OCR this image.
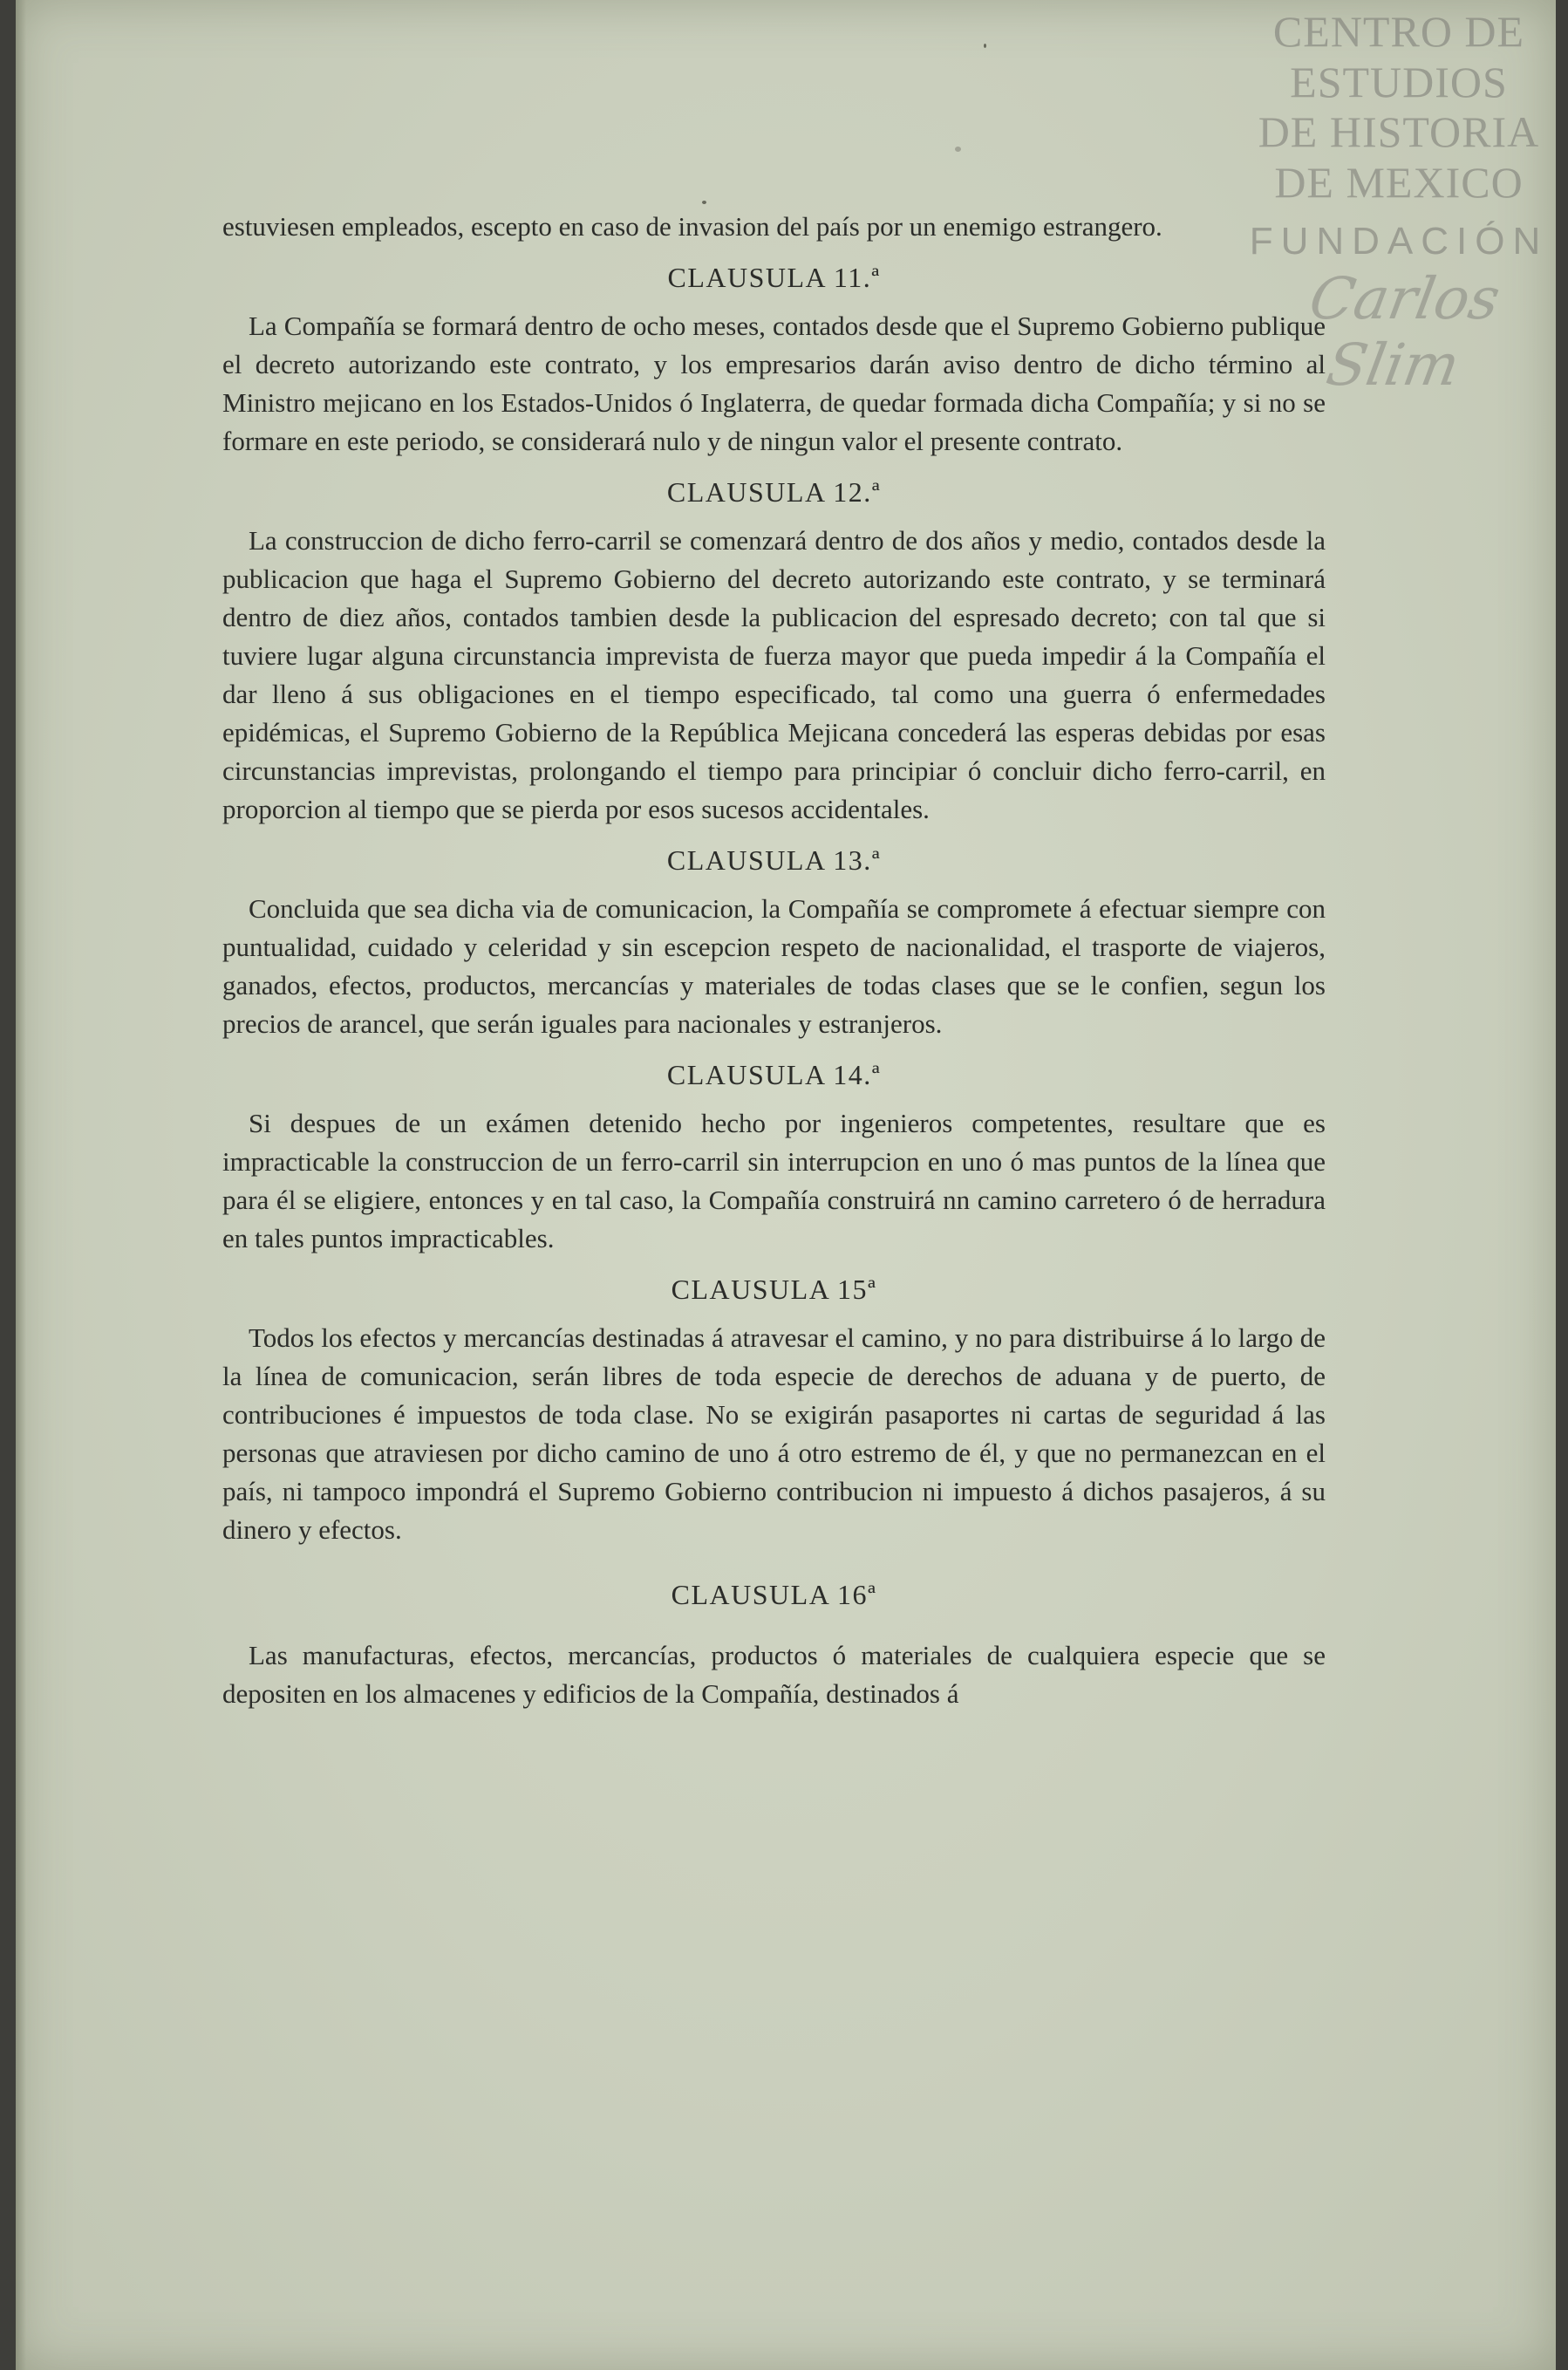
CENTRO DE
ESTUDIOS
DE HISTORIA
DE MEXICO
FUNDACIÓN
Carlos Slim

estuviesen empleados, escepto en caso de invasion del país por un enemigo estrangero.

CLAUSULA 11.ª

La Compañía se formará dentro de ocho meses, contados desde que el Supremo Gobierno publique el decreto autorizando este contrato, y los empresarios darán aviso dentro de dicho término al Ministro mejicano en los Estados-Unidos ó Inglaterra, de quedar formada dicha Compañía; y si no se formare en este periodo, se considerará nulo y de ningun valor el presente contrato.

CLAUSULA 12.ª

La construccion de dicho ferro-carril se comenzará dentro de dos años y medio, contados desde la publicacion que haga el Supremo Gobierno del decreto autorizando este contrato, y se terminará dentro de diez años, contados tambien desde la publicacion del espresado decreto; con tal que si tuviere lugar alguna circunstancia imprevista de fuerza mayor que pueda impedir á la Compañía el dar lleno á sus obligaciones en el tiempo especificado, tal como una guerra ó enfermedades epidémicas, el Supremo Gobierno de la República Mejicana concederá las esperas debidas por esas circunstancias imprevistas, prolongando el tiempo para principiar ó concluir dicho ferro-carril, en proporcion al tiempo que se pierda por esos sucesos accidentales.

CLAUSULA 13.ª

Concluida que sea dicha via de comunicacion, la Compañía se compromete á efectuar siempre con puntualidad, cuidado y celeridad y sin escepcion respeto de nacionalidad, el trasporte de viajeros, ganados, efectos, productos, mercancías y materiales de todas clases que se le confien, segun los precios de arancel, que serán iguales para nacionales y estranjeros.

CLAUSULA 14.ª

Si despues de un exámen detenido hecho por ingenieros competentes, resultare que es impracticable la construccion de un ferro-carril sin interrupcion en uno ó mas puntos de la línea que para él se eligiere, entonces y en tal caso, la Compañía construirá nn camino carretero ó de herradura en tales puntos impracticables.

CLAUSULA 15ª

Todos los efectos y mercancías destinadas á atravesar el camino, y no para distribuirse á lo largo de la línea de comunicacion, serán libres de toda especie de derechos de aduana y de puerto, de contribuciones é impuestos de toda clase. No se exigirán pasaportes ni cartas de seguridad á las personas que atraviesen por dicho camino de uno á otro estremo de él, y que no permanezcan en el país, ni tampoco impondrá el Supremo Gobierno contribucion ni impuesto á dichos pasajeros, á su dinero y efectos.

CLAUSULA 16ª

Las manufacturas, efectos, mercancías, productos ó materiales de cualquiera especie que se depositen en los almacenes y edificios de la Compañía, destinados á
